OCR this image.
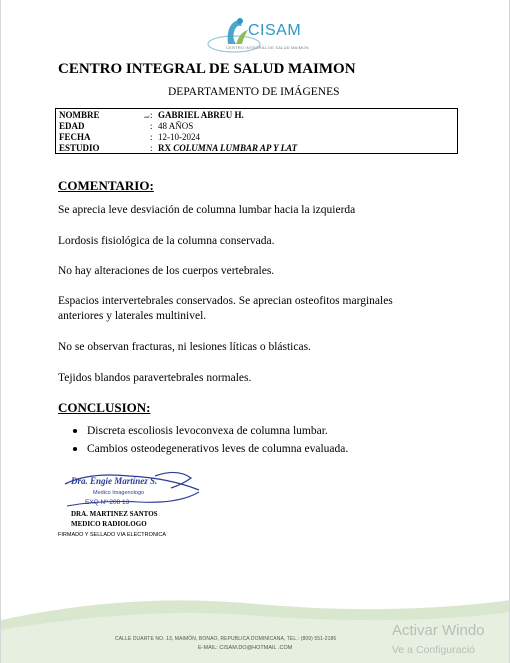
CISAM
CENTRO INTEGRAL DE SALUD MAIMON
CENTRO INTEGRAL DE SALUD MAIMON
DEPARTAMENTO DE IMÁGENES
ﺳ
NOMBRE	: GABRIEL ABREU H.
EDAD	: 48 AÑOS
FECHA	: 12-10-2024
ESTUDIO	: RX COLUMNA LUMBAR AP Y LAT
COMENTARIO:
Se aprecia leve desviación de columna lumbar hacia la izquierda
Lordosis fisiológica de la columna conservada.
No hay alteraciones de los cuerpos vertebrales.
Espacios intervertebrales conservados. Se aprecian osteofitos marginales
anteriores y laterales multinivel.
No se observan fracturas, ni lesiones líticas o blásticas.
Tejidos blandos paravertebrales normales.
CONCLUSION:
Discreta escoliosis levoconvexa de columna lumbar.
Cambios osteodegenerativos leves de columna evaluada.
Dra. Engie Martínez S.
Medico Imagenologo
EXQ Nº 208 13
DRA. MARTINEZ SANTOS
MEDICO RADIOLOGO
FIRMADO Y SELLADO VIA ELECTRONICA
CALLE DUARTE NO. 13, MAIMÓN, BONAO, REPUBLICA DOMINICANA, TEL.: (809) 551-2186
E-MAIL: CISAM.DO@HOTMAIL .COM
Activar Windo
Ve a Configuració
